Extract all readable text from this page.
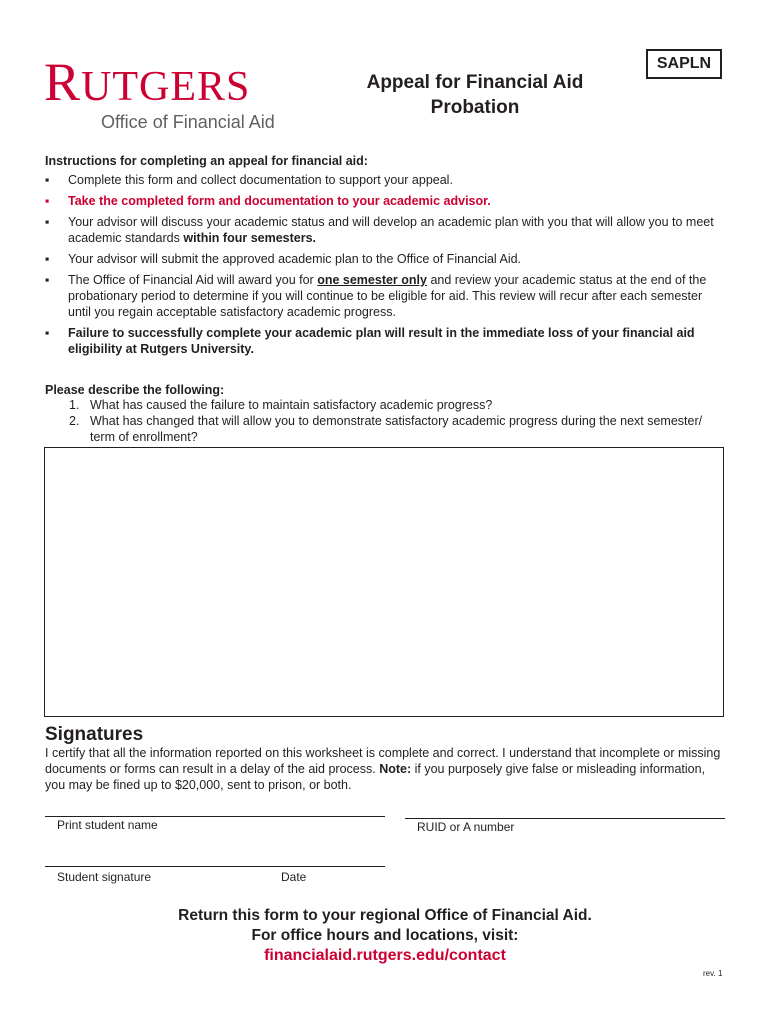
RUTGERS
Office of Financial Aid
Appeal for Financial Aid
Probation
SAPLN
Instructions for completing an appeal for financial aid:
▪ Complete this form and collect documentation to support your appeal.
▪ Take the completed form and documentation to your academic advisor.
▪ Your advisor will discuss your academic status and will develop an academic plan with you that will allow you to meet academic standards within four semesters.
▪ Your advisor will submit the approved academic plan to the Office of Financial Aid.
▪ The Office of Financial Aid will award you for one semester only and review your academic status at the end of the probationary period to determine if you will continue to be eligible for aid. This review will recur after each semester until you regain acceptable satisfactory academic progress.
▪ Failure to successfully complete your academic plan will result in the immediate loss of your financial aid eligibility at Rutgers University.
Please describe the following:
1. What has caused the failure to maintain satisfactory academic progress?
2. What has changed that will allow you to demonstrate satisfactory academic progress during the next semester/ term of enrollment?
Signatures
I certify that all the information reported on this worksheet is complete and correct. I understand that incomplete or missing documents or forms can result in a delay of the aid process. Note: if you purposely give false or misleading information, you may be fined up to $20,000, sent to prison, or both.
Print student name	RUID or A number
Student signature	Date
Return this form to your regional Office of Financial Aid.
For office hours and locations, visit:
financialaid.rutgers.edu/contact
rev. 1
